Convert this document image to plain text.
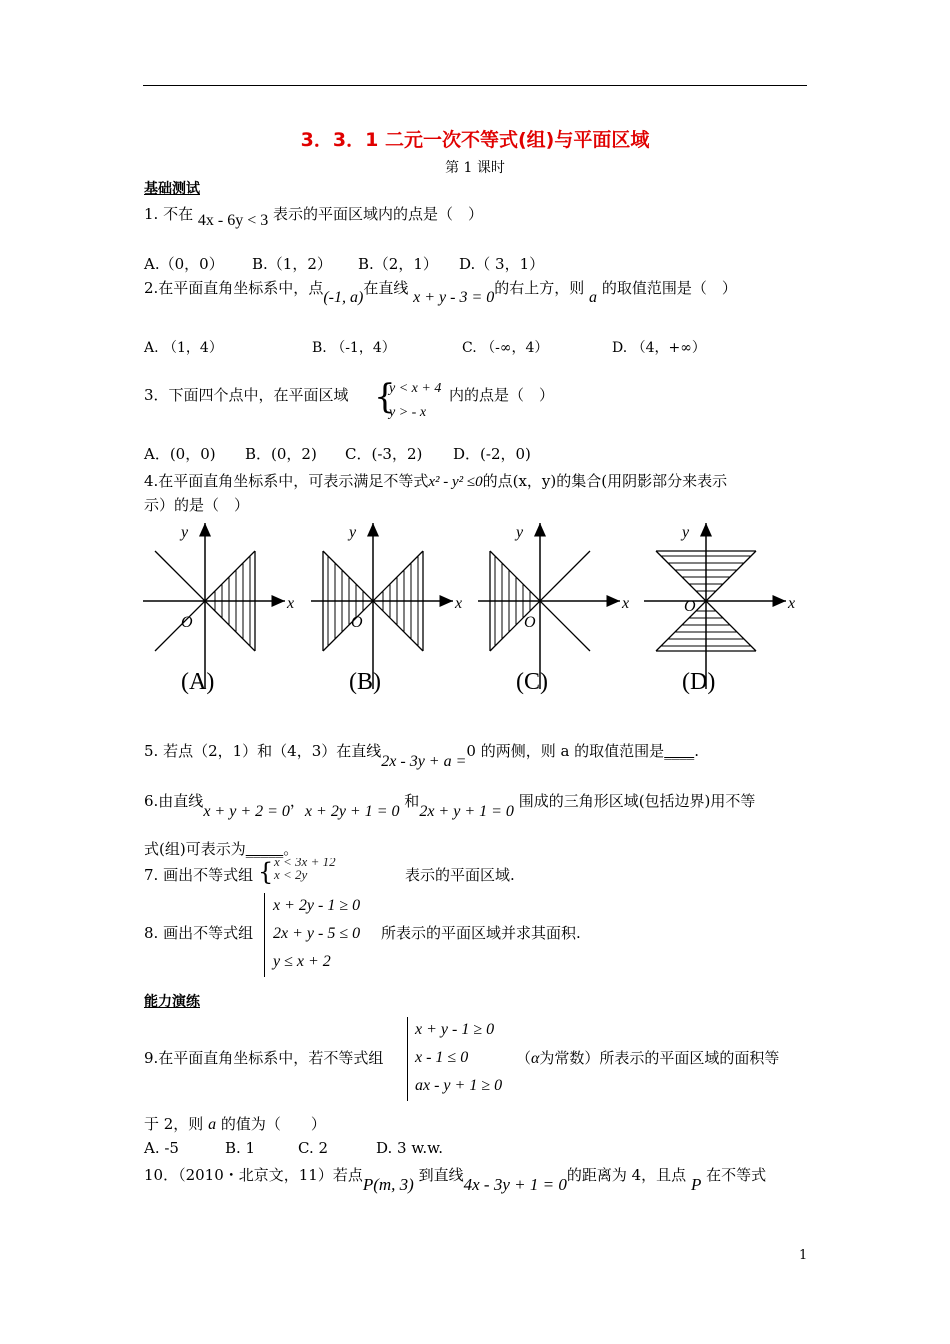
3．3．1 二元一次不等式(组)与平面区域
第 1 课时
基础测试
1. 不在 4x - 6y < 3 表示的平面区域内的点是（　）
A.（0，0） B.（1，2） B.（2，1） D.（ 3，1）
2.在平面直角坐标系中，点(-1, a)在直线 x + y - 3 = 0的右上方，则 a 的取值范围是（　）
A. （1，4）	B. （-1，4）	C. （-∞，4）	D. （4，+∞）
3．下面四个点中，在平面区域 {
y < x + 4
y > - x
内的点是（　）
A．(0，0) B．(0，2) C．(-3，2) D．(-2，0)
4.在平面直角坐标系中，可表示满足不等式x² - y² ≤0的点(x，y)的集合(用阴影部分来表示
示）的是（　）
y
x
O
(A)
y
x
O
(B)
y
x
O
(C)
y
x
O
(D)
5. 若点（2，1）和（4，3）在直线2x - 3y + a =0 的两侧，则 a 的取值范围是____.
6.由直线x + y + 2 = 0，x + 2y + 1 = 0 和2x + y + 1 = 0 围成的三角形区域(包括边界)用不等
式(组)可表示为_____。
7. 画出不等式组 { x < 3x + 12
x < 2y	表示的平面区域.
8. 画出不等式组
x + 2y - 1 ≥ 0
2x + y - 5 ≤ 0
y ≤ x + 2
所表示的平面区域并求其面积.
能力演练
9.在平面直角坐标系中，若不等式组
x + y - 1 ≥ 0
x - 1 ≤ 0
ax - y + 1 ≥ 0
（α为常数）所表示的平面区域的面积等
于 2，则 a 的值为（　　）
A. -5	B. 1	C. 2	D. 3 w.w.
10．（2010・北京文，11）若点P(m, 3) 到直线4x - 3y + 1 = 0的距离为 4，且点 P 在不等式
1
